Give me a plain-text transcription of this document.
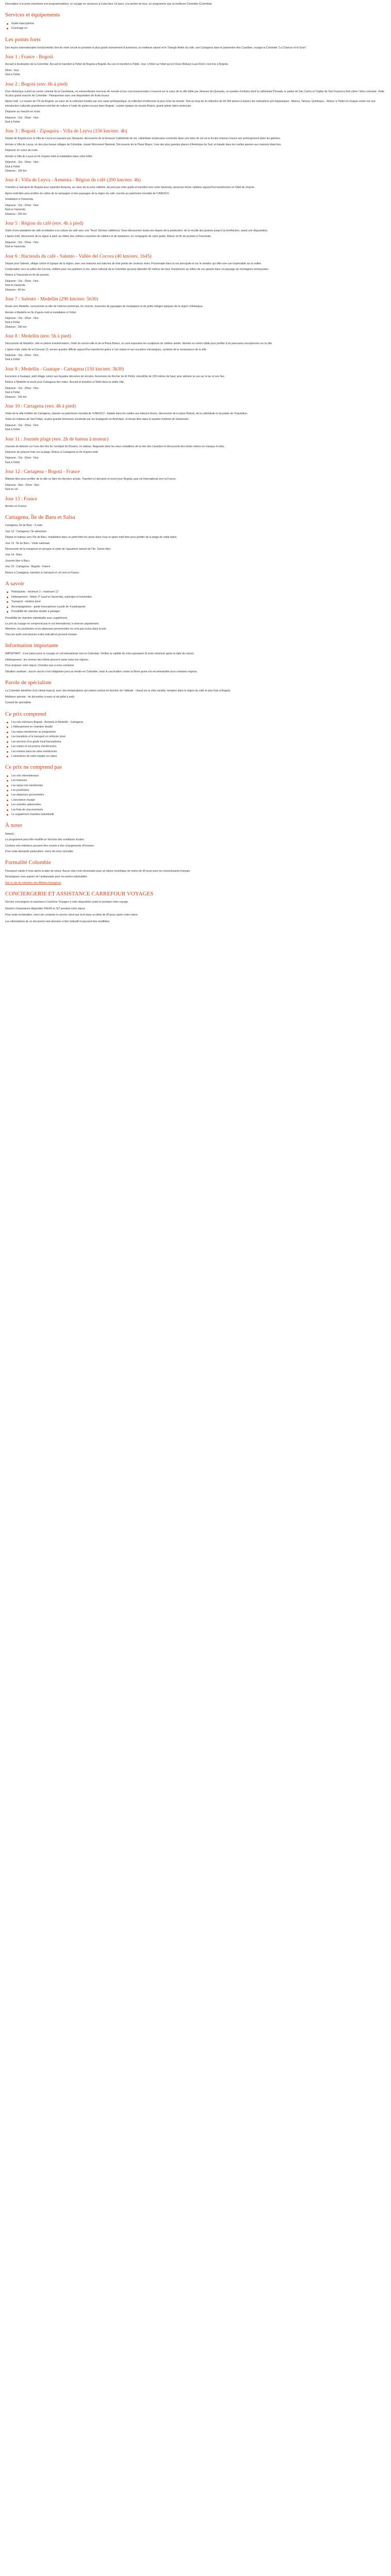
Description à la porte (mentions non-programmables), ce voyage en vacances à Cuba dure 14 jours, à la portée de tous, en programme que la meilleure Colombie (Colombia)

Services et équipements
Guide francophone
Couchage en
Les points forts

Des leçons internationales fonctionnelles font de votre circuit en privatisé le plus grand ravissement d’aventures, la meilleure saison et le Triangle Andin du café, une Cartagena dans le patrimoine des Caraïbes, voyage la Colombie “La Chancre et le Gran”.

Jour 1 : France - Bogotá

Accueil à destination de la Colombie. Accueil et transfert à l’hôtel de Bogotá à Bogotá. Au soir et transfert à l’hôtel. Jour. L’hôtel sur hôtel qu’est (Gran Bolivar) Luxe Rock c’est très à Bogotá.

Dîner : Non

Nuit à l’hôtel

Jour 2 : Bogotá (env. 6h à pied)

Pour Historique à pied du centre colonial de la Candelaria, un extraordinaire morceau de monde où les rues transversales s’ouvrent sur le cœur de la ville bâtie par Jimenez de Quesada, un quartier d’artistes dont la cathédrale Primada, le palais de San Carlos et l’église de San Francisco font vibrer l’âme coloniale. Visite du plus grand marché de Colombie : Paloquemao avec une dégustation de fruits locaux.

Après-midi : Le musée de l’Or de Bogotá, au cœur de la collection fondée par une caste préhispanique, la collection d’orfèvrerie la plus riche du monde. Tout au long de la collection de 55 000 pièces à travers les civilisations pré-hispaniques : Muisca, Tairona, Quimbaya... Retour à l’hôtel où chaque soirée est une introduction culturelle grandement enrichie de culture à l’aide de guides locaux dans Bogotá ; cuisine typique du musée Botero, grand artiste latino-américain.

Déjeuner au marché en route.

Déjeuner : Oui - Dîner : Non

Nuit à l’hôtel

Jour 3 : Bogotá - Zipaquira - Villa de Leyva (150 km/env. 4h)

Départ de Bogotá pour la Villa de Leyva en passant par Zipaquirá, découverte de la fameuse Cathédrale de sel, cathédrale souterraine construite dans une mine de sel où la foi des mineurs trouve son prolongement dans les galeries.

Arrivée à Villa de Leyva, un des plus beaux villages de Colombie, classé Monument National. Découverte de la Plaza Mayor, l’une des plus grandes places d’Amérique du Sud, et balade dans les ruelles pavées aux maisons blanches.

Déjeuner en cours de route.

Arrivée à Villa de Leyva en fin d’après-midi et installation dans votre hôtel.

Déjeuner : Oui - Dîner : Non

Nuit à l’hôtel

Distance : 150 km

Jour 4 : Villa de Leyva - Armenia - Région du café (200 km/env. 4h)

Transfert à l’aéroport de Bogotá pour rejoindre Armenia, au cœur de la zone caféière. Accueil par votre guide et transfert vers votre hacienda, ancienne ferme caféière aujourd’hui transformée en hôtel de charme.

Après-midi libre pour profiter du calme de la campagne et des paysages de la région du café, inscrite au patrimoine mondial de l’UNESCO.

Installation à l’hacienda.

Déjeuner : Oui - Dîner : Non

Nuit en hacienda

Distance : 200 km

Jour 5 : Région du café (env. 4h à pied)

Visite d’une plantation de café et initiation à la culture du café avec une “finca” (fermes caféières). Vous découvrirez toutes les étapes de la production, de la récolte des graines jusqu’à la torréfaction, avant une dégustation.

L’après-midi, découverte de la région à pied, au milieu des collines couvertes de caféiers et de bananiers, en compagnie de votre guide. Retour en fin de journée à l’hacienda.

Déjeuner : Oui - Dîner : Non

Nuit en hacienda

Jour 6 : Hacienda du café - Salento - Vallée del Cocora (40 km/env. 1h45)

Départ pour Salento, village coloré et typique de la région, avec ses maisons aux balcons de bois peints de couleurs vives. Promenade dans la rue principale et sur le mirador qui offre une vue imprenable sur la vallée.

Continuation vers la vallée del Cocora, célèbre pour ses palmiers à cire, arbre national de la Colombie qui peut atteindre 60 mètres de haut. Randonnée au milieu de ces géants dans un paysage de montagnes verdoyantes.

Retour à l’hacienda en fin de journée.

Déjeuner : Oui - Dîner : Non

Nuit en hacienda

Distance : 40 km

Jour 7 : Salento - Medellín (290 km/env. 5h30)

Route vers Medellín, surnommée la ville de l’éternel printemps. En chemin, traversée de paysages de montagnes et de petits villages typiques de la région d’Antioquia.

Arrivée à Medellín en fin d’après-midi et installation à l’hôtel.

Déjeuner : Oui - Dîner : Non

Nuit à l’hôtel

Distance : 290 km

Jour 8 : Medellín (env. 5h à pied)

Découverte de Medellín, ville en pleine transformation. Visite du centre-ville et de la Plaza Botero, où sont exposées les sculptures du célèbre artiste. Montée en métro-câble pour profiter d’un panorama exceptionnel sur la ville.

L’après-midi, visite de la Comuna 13, ancien quartier difficile aujourd’hui transformé grâce à l’art urbain et aux escaliers mécaniques, symbole de la renaissance de la ville.

Déjeuner : Oui - Dîner : Non

Nuit à l’hôtel

Jour 9 : Medellín - Guatape - Cartagena (150 km/env. 3h30)

Excursion à Guatapé, petit village coloré aux façades décorées de zócalos. Ascension du Rocher de El Peñol, monolithe de 220 mètres de haut, pour admirer la vue sur le lac et ses îles.

Retour à Medellín et envol pour Cartagena des Indes. Accueil et transfert à l’hôtel dans la vieille ville.

Déjeuner : Oui - Dîner : Non

Nuit à l’hôtel

Distance : 150 km

Jour 10 : Cartagena (env. 4h à pied)

Visite de la ville fortifiée de Cartagena, classée au patrimoine mondial de l’UNESCO : balade dans les ruelles aux balcons fleuris, découverte de la place Bolivar, de la cathédrale et du palais de l’Inquisition.

Visite du château de San Felipe, la plus grande forteresse construite par les Espagnols en Amérique, et temps libre dans le quartier bohème de Getsemaní.

Déjeuner : Oui - Dîner : Non

Nuit à l’hôtel

Jour 11 : Journée plage (env. 2h de bateau à moteur)

Journée de détente sur l’une des îles de l’archipel du Rosario, en bateau. Baignade dans les eaux cristallines de la mer des Caraïbes et découverte des fonds marins en masque et tuba.

Déjeuner de poisson frais sur la plage. Retour à Cartagena en fin d’après-midi.

Déjeuner : Oui - Dîner : Non

Nuit à l’hôtel

Jour 12 : Cartagena - Bogotá - France

Matinée libre pour profiter de la ville ou faire les derniers achats. Transfert à l’aéroport et envol pour Bogotá, puis vol international vers la France.

Déjeuner : Non - Dîner : Non

Nuit en vol

Jour 13 : France

Arrivée en France.

Cartagena, Île de Baru et Salsa

Cartagena, Île de Baru - 3 nuits

Jour 12 : Cartagena / île adventure

Départ en bateau vers l’île de Baru. Installation dans un petit hôtel les pieds dans l’eau et après-midi libre pour profiter de la plage de sable blanc.

Jour 13 : Île de Baru - Visite nationale

Découverte de la mangrove en pirogue et visite de l’aquarium naturel de l’île. Soirée libre.

Jour 14 : Baru

Journée libre à Baru.

Jour 15 : Cartagena - Bogotá - France

Retour à Cartagena, transfert à l’aéroport et vol vers la France.

A savoir
Participants : minimum 2 - maximum 12
Hébergement : hôtels 3* (sauf en hacienda), auberges et haciendas
Transport : minibus privé
Accompagnateur : guide francophone à partir de 4 participants
Possibilité de chambre double à partager

Possibilité de chambre individuelle avec supplément.

Le prix du voyage ne comprend pas le vol international, à réserver séparément.

Attention, les pourboires et les dépenses personnelles ne sont pas inclus dans le prix.

Tous les tarifs sont donnés à titre indicatif et peuvent évoluer.

Information importante

IMPORTANT : Il est prévu pour ce voyage un vol international vers la Colombie. Vérifiez la validité de votre passeport (6 mois minimum après la date de retour).

Hébergement : les normes des hôtels peuvent varier selon les régions.

Pour préparer votre séjour, n’hésitez pas à nous contacter.

Situation sanitaire : aucun vaccin n’est obligatoire pour se rendre en Colombie, mais la vaccination contre la fièvre jaune est recommandée pour certaines régions.

Parole de spécialiste

La Colombie bénéficie d’un climat tropical, avec des températures qui varient surtout en fonction de l’altitude : chaud sur la côte caraïbe, tempéré dans la région du café et plus frais à Bogotá.

Meilleure période : de décembre à mars et de juillet à août.

Conseil de spécialiste

Ce prix comprend
Les vols intérieurs Bogotá - Armenia et Medellín - Cartagena
L’hébergement en chambre double
Les repas mentionnés au programme
Les transferts et le transport en véhicule privé
Les services d’un guide local francophone
Les visites et excursions mentionnées
Les entrées dans les sites mentionnés
L’assistance de notre équipe sur place
Ce prix ne comprend pas
Les vols internationaux
Les boissons
Les repas non mentionnés
Les pourboires
Les dépenses personnelles
L’assurance voyage
Les activités optionnelles
Les frais de visa éventuels
Le supplément chambre individuelle
À noter

Note(s) :

Le programme peut être modifié en fonction des conditions locales.

Certains vols intérieurs peuvent être soumis à des changements d’horaires.

Pour toute demande particulière, merci de nous consulter.

Formalité Colombie

Passeport valide 6 mois après la date de retour. Aucun visa n’est nécessaire pour un séjour touristique de moins de 90 jours pour les ressortissants français.

Renseignez-vous auprès de l’ambassade pour les autres nationalités.

Voir le site du ministère des Affaires étrangères

CONCIERGERIE ET ASSISTANCE CARREFOUR VOYAGES

Service conciergerie et assistance Carrefour Voyages à votre disposition avant et pendant votre voyage.

Numéro d’assistance disponible 24h/24 et 7j/7 pendant votre séjour.

Pour toute réclamation, merci de contacter le service client par écrit dans un délai de 30 jours après votre retour.

Les informations de ce document sont données à titre indicatif et peuvent être modifiées.
